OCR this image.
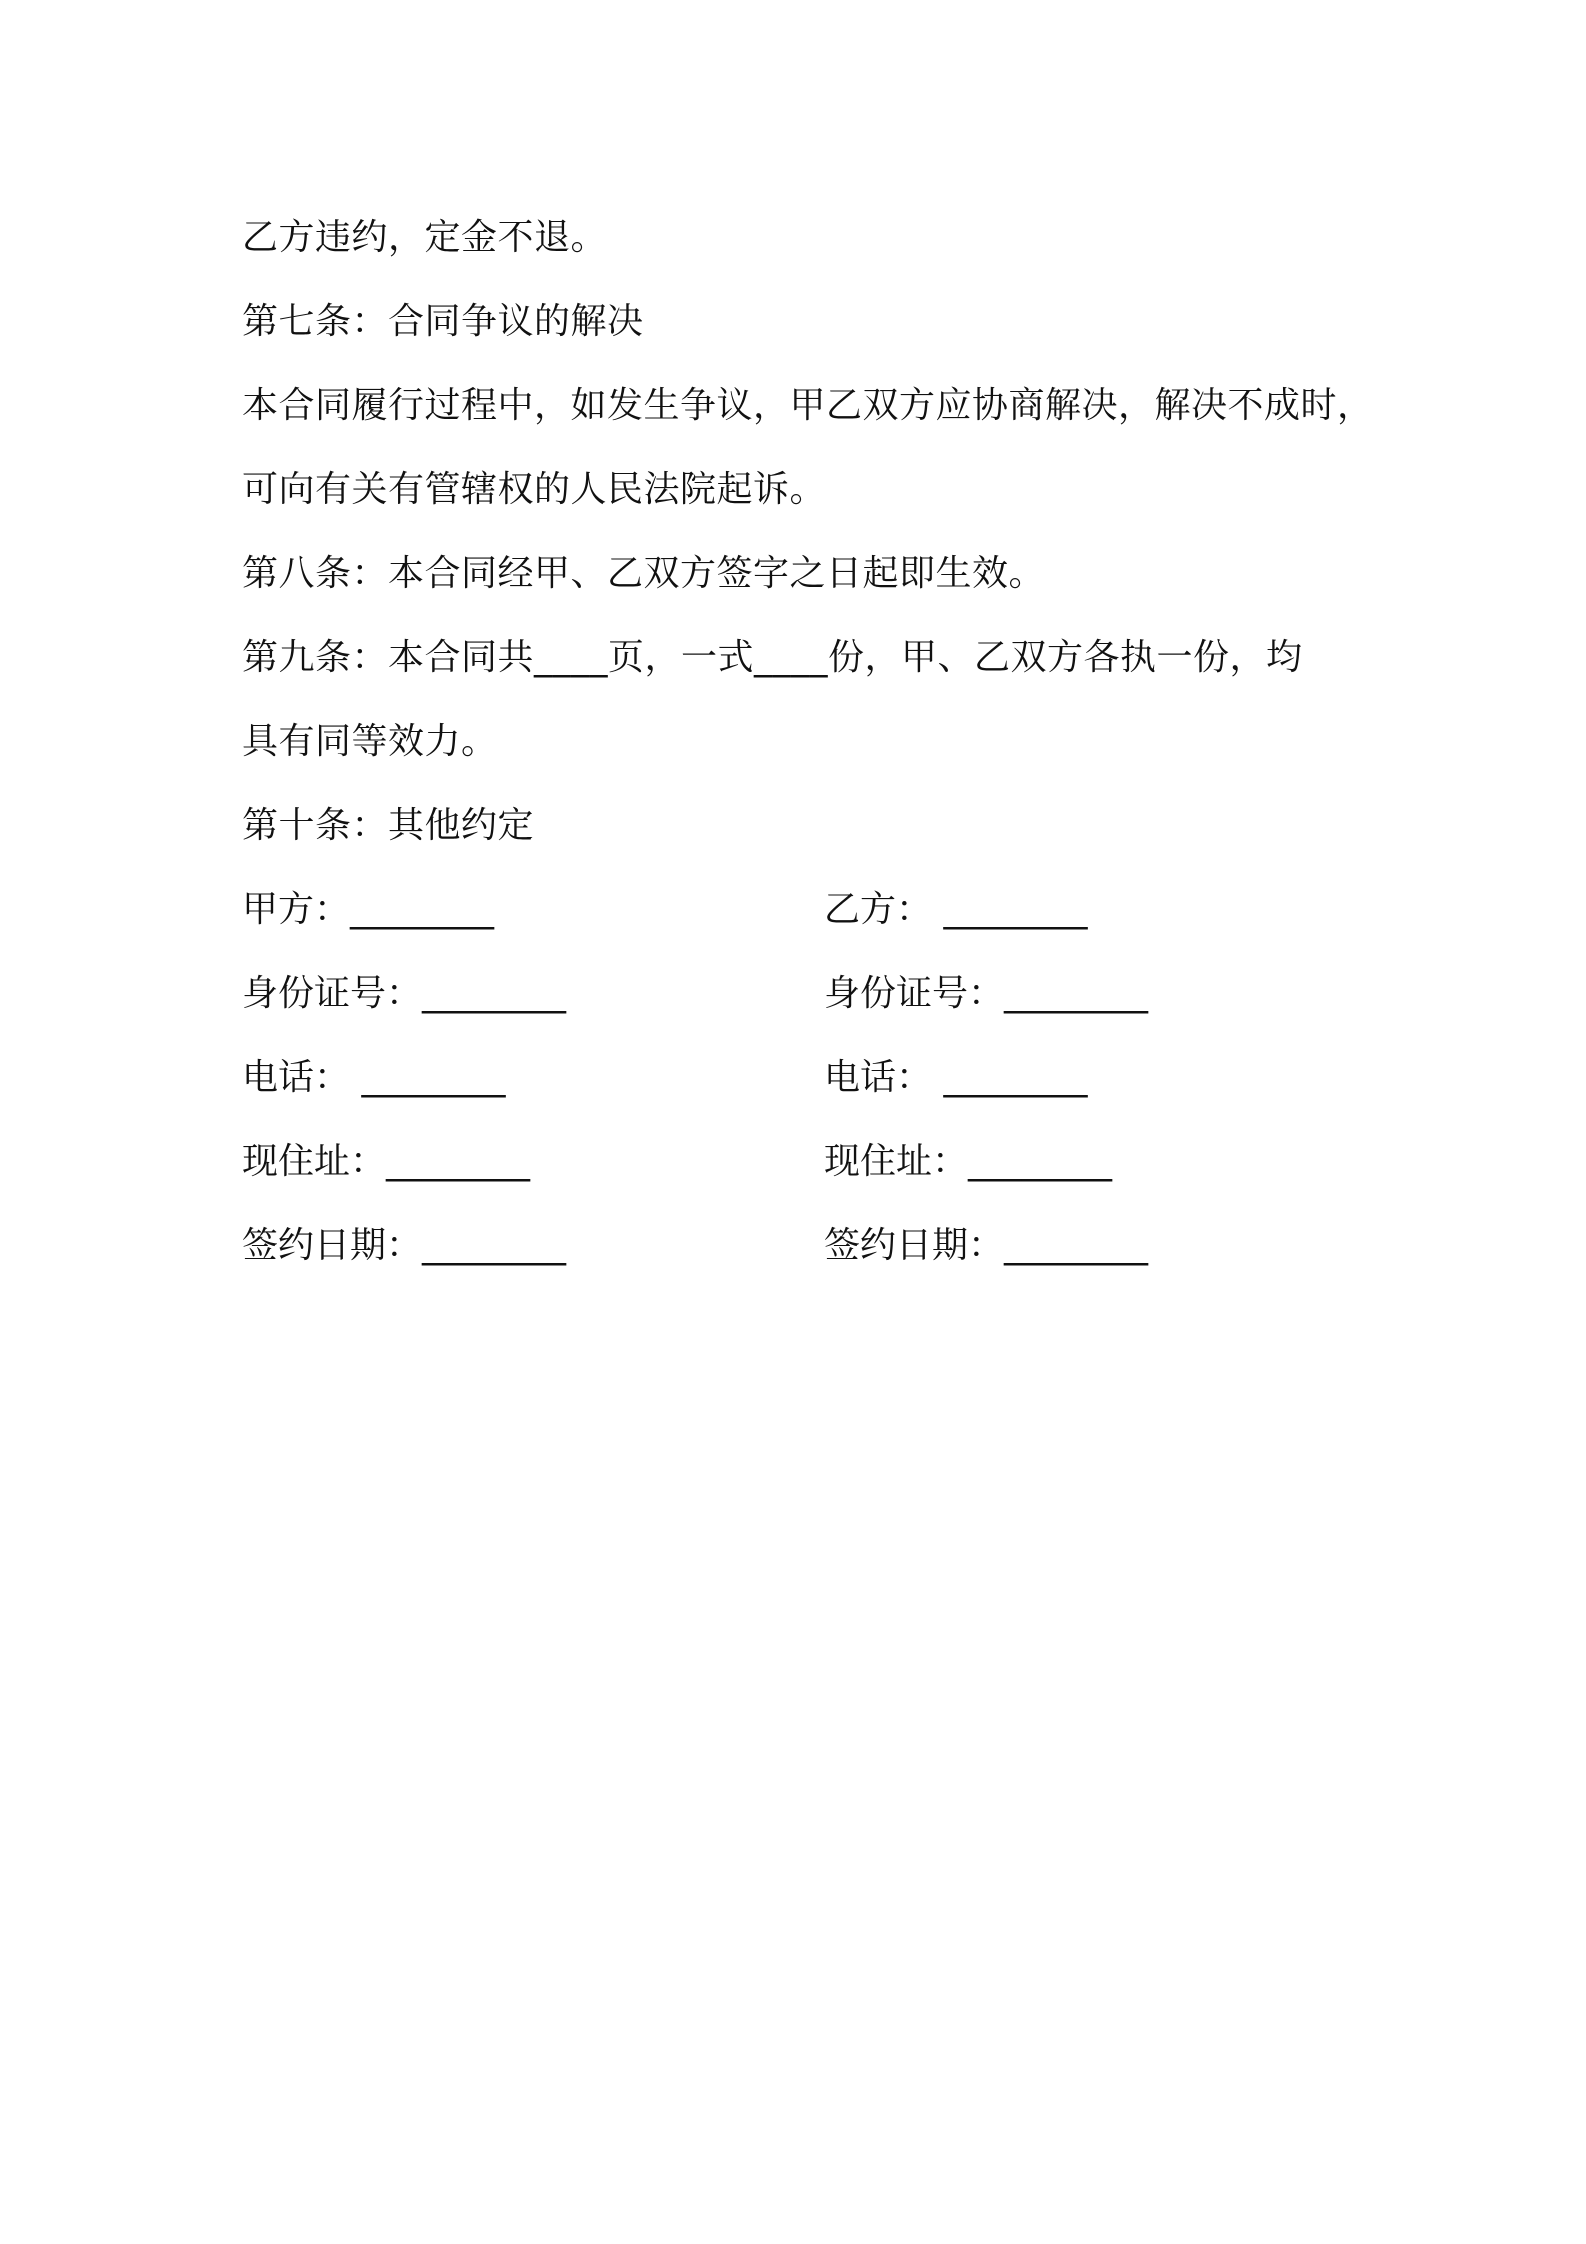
乙方违约，定金不退。
第七条：合同争议的解决
本合同履行过程中，如发生争议，甲乙双方应协商解决，解决不成时，
可向有关有管辖权的人民法院起诉。
第八条：本合同经甲、乙双方签字之日起即生效。
第九条：本合同共____页，一式____份，甲、乙双方各执一份，均
具有同等效力。
第十条：其他约定
甲方：________	乙方： ________
身份证号：________	身份证号：________
电话： ________	电话： ________
现住址：________	现住址：________
签约日期：________	签约日期：________
